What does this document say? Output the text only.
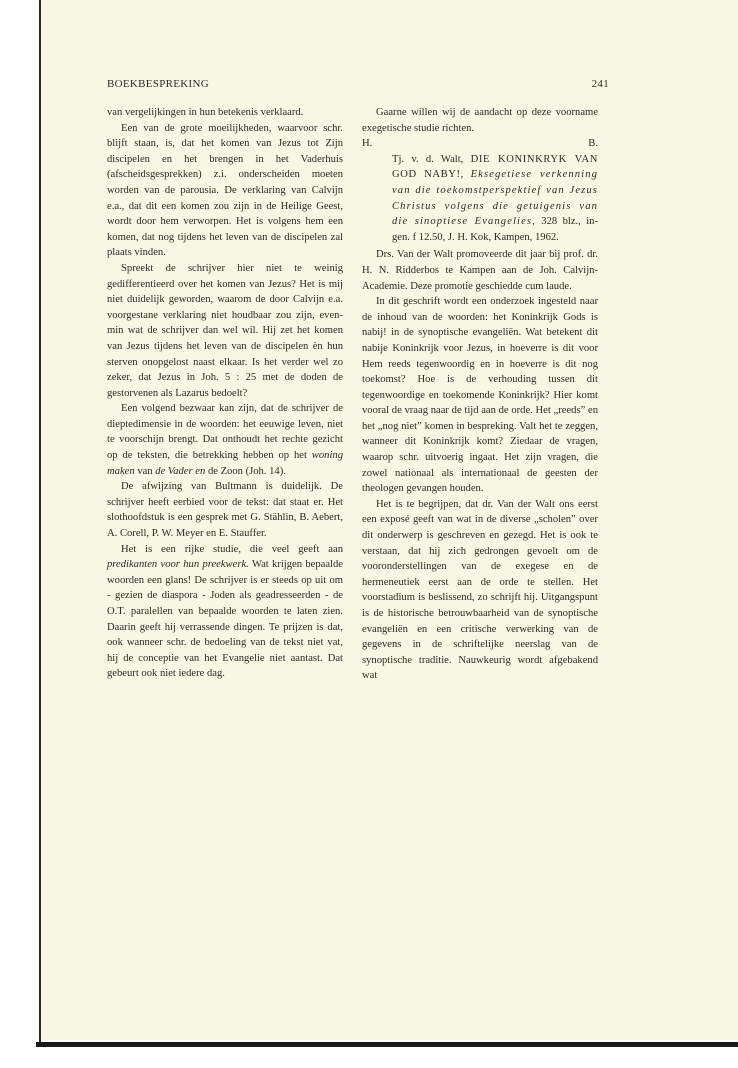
BOEKBESPREKING	241

van vergelijkingen in hun betekenis verklaard.

Een van de grote moeilijkheden, waarvoor schr. blijft staan, is, dat het komen van Jezus tot Zijn discipelen en het brengen in het Vaderhuis (afscheidsgesprekken) z.i. onderscheiden moeten worden van de parousia. De verklaring van Calvijn e.a., dat dit een komen zou zijn in de Heilige Geest, wordt door hem verworpen. Het is volgens hem een komen, dat nog tijdens het leven van de discipelen zal plaats vinden.

Spreekt de schrijver hier niet te weinig gedifferentieerd over het komen van Jezus? Het is mij niet duidelijk geworden, waarom de door Calvijn e.a. voorgestane verklaring niet houdbaar zou zijn, evenmin wat de schrijver dan wel wil. Hij zet het komen van Jezus tijdens het leven van de discipelen èn hun sterven onopgelost naast elkaar. Is het verder wel zo zeker, dat Jezus in Joh. 5 : 25 met de doden de gestorvenen als Lazarus bedoelt?

Een volgend bezwaar kan zijn, dat de schrijver de dieptedimensie in de woorden: het eeuwige leven, niet te voorschijn brengt. Dat onthoudt het rechte gezicht op de teksten, die betrekking hebben op het woning maken van de Vader en de Zoon (Joh. 14).

De afwijzing van Bultmann is duidelijk. De schrijver heeft eerbied voor de tekst: dat staat er. Het slothoofdstuk is een gesprek met G. Stählin, B. Aebert, A. Corell, P. W. Meyer en E. Stauffer.

Het is een rijke studie, die veel geeft aan predikanten voor hun preekwerk. Wat krijgen bepaalde woorden een glans! De schrijver is er steeds op uit om - gezien de diaspora - Joden als geadresseerden - de O.T. paralellen van bepaalde woorden te laten zien. Daarin geeft hij verrassende dingen. Te prijzen is dat, ook wanneer schr. de bedoeling van de tekst niet vat, hij de conceptie van het Evangelie niet aantast. Dat gebeurt ook niet iedere dag.

Gaarne willen wij de aandacht op deze voorname exegetische studie richten.

H.	B.

Tj. v. d. Walt, DIE KONINKRYK VAN GOD NABY!, Eksegetiese verkenning van die toekomstperspektief van Jezus Christus volgens die getuigenis van die sinoptiese Evangelies, 328 blz., ingen. f 12.50, J. H. Kok, Kampen, 1962.

Drs. Van der Walt promoveerde dit jaar bij prof. dr. H. N. Ridderbos te Kampen aan de Joh. Calvijn-Academie. Deze promotie geschiedde cum laude.

In dit geschrift wordt een onderzoek ingesteld naar de inhoud van de woorden: het Koninkrijk Gods is nabij! in de synoptische evangeliën. Wat betekent dit nabije Koninkrijk voor Jezus, in hoeverre is dit voor Hem reeds tegenwoordig en in hoeverre is dit nog toekomst? Hoe is de verhouding tussen dit tegenwoordige en toekomende Koninkrijk? Hier komt vooral de vraag naar de tijd aan de orde. Het „reeds” en het „nog niet” komen in bespreking. Valt het te zeggen, wanneer dit Koninkrijk komt? Ziedaar de vragen, waarop schr. uitvoerig ingaat. Het zijn vragen, die zowel nationaal als internationaal de geesten der theologen gevangen houden.

Het is te begrijpen, dat dr. Van der Walt ons eerst een exposé geeft van wat in de diverse „scholen” over dit onderwerp is geschreven en gezegd. Het is ook te verstaan, dat hij zich gedrongen gevoelt om de vooronderstellingen van de exegese en de hermeneutiek eerst aan de orde te stellen. Het voorstadium is beslissend, zo schrijft hij. Uitgangspunt is de historische betrouwbaarheid van de synoptische evangeliën en een critische verwerking van de gegevens in de schriftelijke neerslag van de synoptische traditie. Nauwkeurig wordt afgebakend wat
